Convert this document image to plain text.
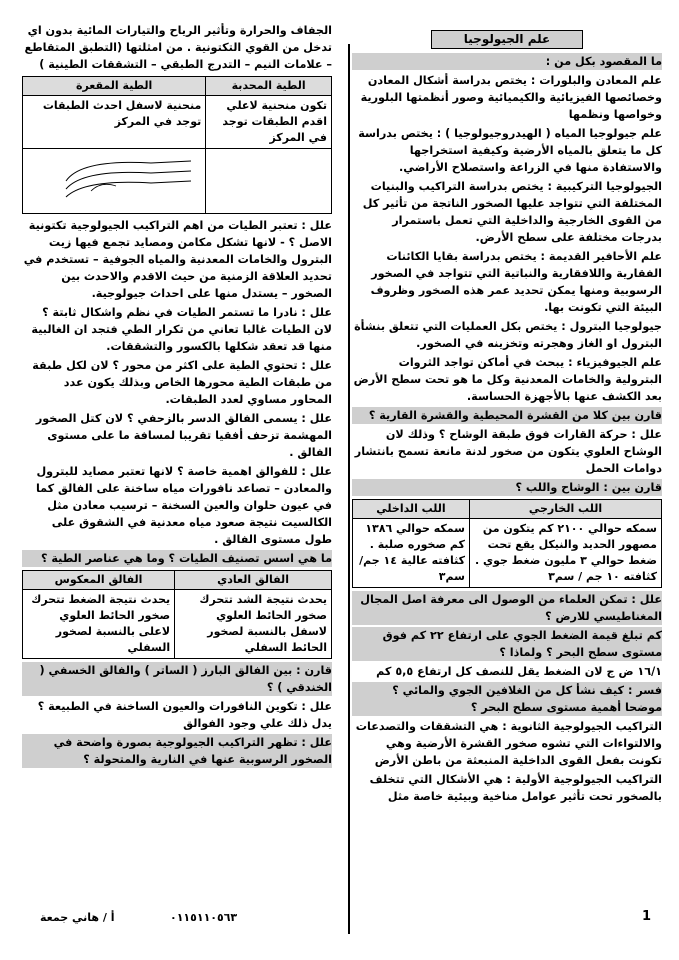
علم الجيولوجيا

ما المقصود بكل من :

علم المعادن والبلورات : يختص بدراسة أشكال المعادن وخصائصها الفيزيائية والكيميائية وصور أنظمتها البلورية وخواصها ونظمها

علم جيولوجيا المياه ( الهيدروجيولوجيا ) : يختص بدراسة كل ما يتعلق بالمياه الأرضية وكيفية استخراجها والاستفادة منها في الزراعة واستصلاح الأراضي.

الجيولوجيا التركيبية : يختص بدراسة التراكيب والبنيات المختلفة التي تتواجد عليها الصخور الناتجة من تأثير كل من القوى الخارجية والداخلية التي تعمل باستمرار بدرجات مختلفة على سطح الأرض.

علم الأحافير القديمة : يختص بدراسة بقايا الكائنات الفقارية واللافقارية والنباتية التي تتواجد في الصخور الرسوبية ومنها يمكن تحديد عمر هذه الصخور وظروف البيئة التي تكونت بها.

جيولوجيا البترول : يختص بكل العمليات التي تتعلق بنشأة البترول او الغاز وهجرته وتخزينه في الصخور.

علم الجيوفيزياء : يبحث في أماكن تواجد الثروات البترولية والخامات المعدنية وكل ما هو تحت سطح الأرض بعد الكشف عنها بالأجهزة الحساسة.

قارن بين كلا من القشرة المحيطية والقشرة القارية ؟

علل : حركة القارات فوق طبقة الوشاح ؟ وذلك لان الوشاح العلوي يتكون من صخور لدنة مانعة تسمح بانتشار دوامات الحمل

قارن بين : الوشاح واللب ؟

اللب الخارجي	اللب الداخلي
سمكه حوالي ٢١٠٠ كم يتكون من مصهور الحديد والنيكل يقع تحت ضغط حوالي ٣ مليون ضغط جوي . كثافته ١٠ جم / سم٣	سمكه حوالي ١٣٨٦ كم صخوره صلبة . كثافته عالية ١٤ جم/سم٣

علل : تمكن العلماء من الوصول الى معرفة اصل المجال المغناطيسي للارض ؟

كم تبلغ قيمة الضغط الجوي على ارتفاع ٢٢ كم فوق مستوى سطح البحر ؟ ولماذا ؟

١٦/١ ض ج لان الضغط يقل للنصف كل ارتفاع ٥,٥ كم

فسر : كيف نشأ كل من الغلافين الجوي والمائي ؟ موضحا أهمية مستوى سطح البحر ؟

التراكيب الجيولوجية الثانوية : هي التشققات والتصدعات والالتواءات التي تشوه صخور القشرة الأرضية وهي تكونت بفعل القوى الداخلية المنبعثة من باطن الأرض

التراكيب الجيولوجية الأولية : هي الأشكال التي تتخلف بالصخور تحت تأثير عوامل مناخية وبيئية خاصة مثل

الجفاف والحرارة وتأثير الرياح والتيارات المائية بدون اي تدخل من القوي التكتونية . من امثلتها (التطبق المتقاطع – علامات النيم – التدرج الطبقي – التشققات الطينية )

الطية المحدبة	الطية المقعرة
تكون منحنية لاعلي اقدم الطبقات توجد في المركز	منحنية لاسفل احدث الطبقات توجد في المركز

علل : تعتبر الطيات من اهم التراكيب الجيولوجية تكتونية الاصل ؟ - لانها تشكل مكامن ومصايد تجمع فيها زيت البترول والخامات المعدنية والمياه الجوفية – تستخدم في تحديد العلاقة الزمنية من حيث الاقدم والاحدث بين الصخور – يستدل منها على احداث جيولوجية.

علل : نادرا ما تستمر الطيات في نظم واشكال ثابتة ؟ لان الطيات غالبا تعاني من تكرار الطي فتجد ان الغالبية منها قد تعقد شكلها بالكسور والتشققات.

علل : تحتوي الطية على اكثر من محور ؟ لان لكل طبقة من طبقات الطية محورها الخاص وبذلك يكون عدد المحاور مساوي لعدد الطبقات.

علل : يسمى الفالق الدسر بالزحفي ؟ لان كتل الصخور المهشمة تزحف أفقيا تقريبا لمسافة ما على مستوى الفالق .

علل : للفوالق اهمية خاصة ؟ لانها تعتبر مصايد للبترول والمعادن – تصاعد نافورات مياه ساخنة على الفالق كما في عيون حلوان والعين السخنة – ترسيب معادن مثل الكالسيت نتيجة صعود مياه معدنية في الشقوق على طول مستوى الفالق .

ما هي اسس تصنيف الطيات ؟ وما هي عناصر الطية ؟

الفالق العادي	الفالق المعكوس
يحدث نتيجة الشد تتحرك صخور الحائط العلوي لاسفل بالنسبة لصخور الحائط السفلي	يحدث نتيجة الضغط تتحرك صخور الحائط العلوي لاعلى بالنسبة لصخور السفلي

قارن : بين الفالق البارز ( الساتر ) والفالق الخسفي ( الخندقي ) ؟

علل : تكوين النافورات والعيون الساخنة في الطبيعة ؟ يدل ذلك علي وجود الفوالق

علل : تظهر التراكيب الجيولوجية بصورة واضحة في الصخور الرسوبية عنها في النارية والمتحولة ؟

أ / هاني جمعة	٠١١٥١١٠٥٦٣	1
